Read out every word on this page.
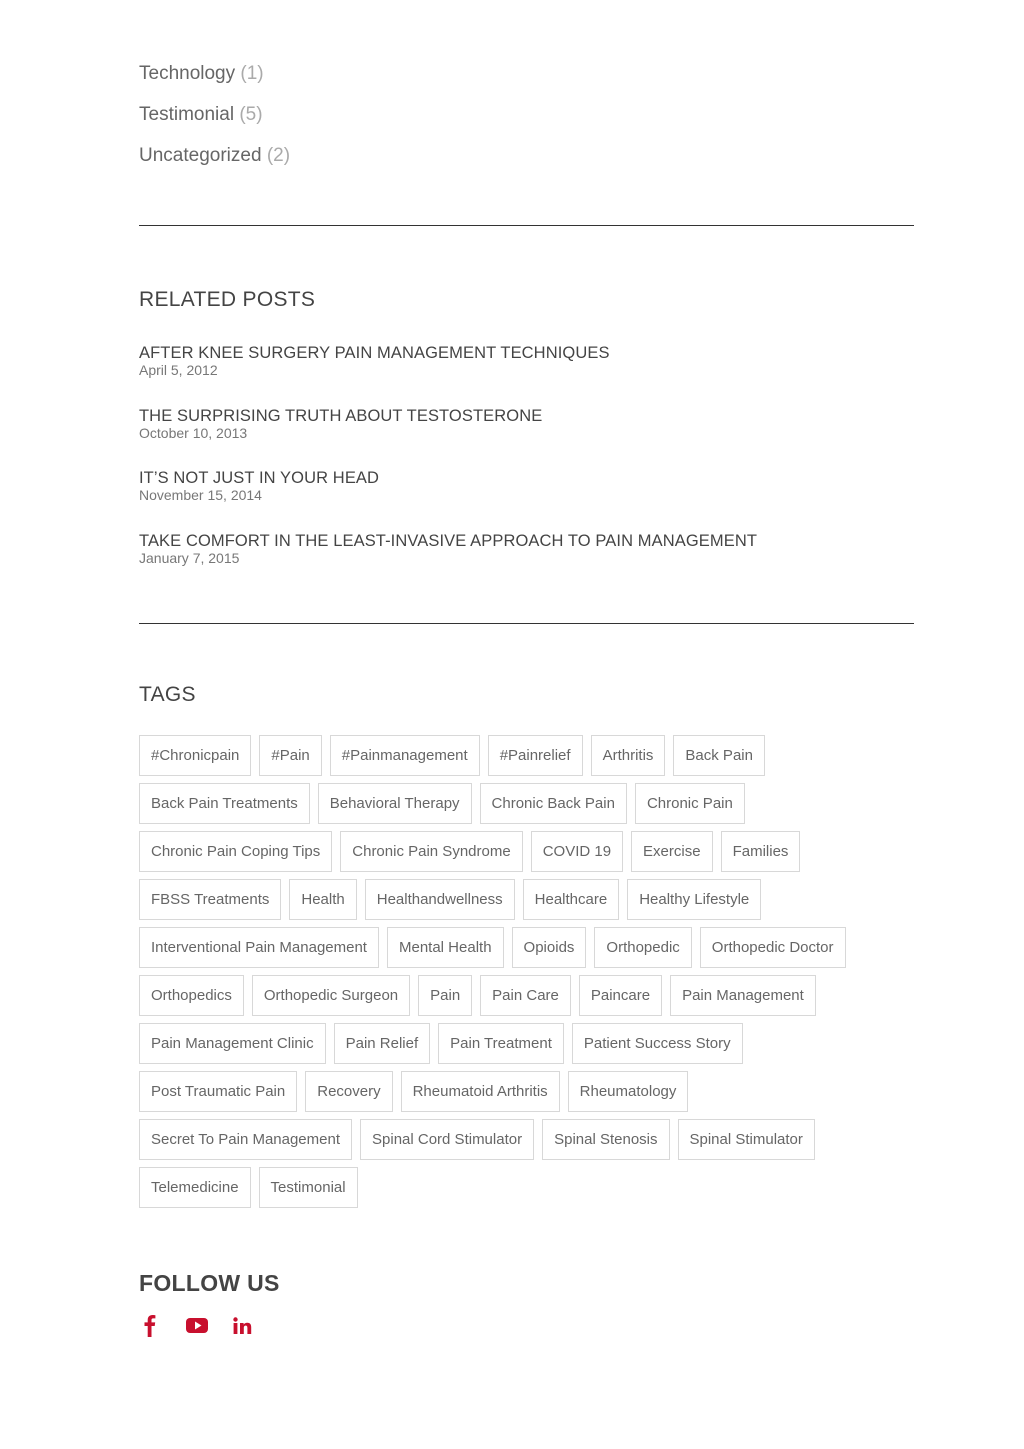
Technology (1)
Testimonial (5)
Uncategorized (2)
RELATED POSTS
AFTER KNEE SURGERY PAIN MANAGEMENT TECHNIQUES
April 5, 2012
THE SURPRISING TRUTH ABOUT TESTOSTERONE
October 10, 2013
IT’S NOT JUST IN YOUR HEAD
November 15, 2014
TAKE COMFORT IN THE LEAST-INVASIVE APPROACH TO PAIN MANAGEMENT
January 7, 2015
TAGS
#Chronicpain	#Pain	#Painmanagement	#Painrelief	Arthritis	Back Pain
Back Pain Treatments	Behavioral Therapy	Chronic Back Pain	Chronic Pain
Chronic Pain Coping Tips	Chronic Pain Syndrome	COVID 19	Exercise	Families
FBSS Treatments	Health	Healthandwellness	Healthcare	Healthy Lifestyle
Interventional Pain Management	Mental Health	Opioids	Orthopedic	Orthopedic Doctor
Orthopedics	Orthopedic Surgeon	Pain	Pain Care	Paincare	Pain Management
Pain Management Clinic	Pain Relief	Pain Treatment	Patient Success Story
Post Traumatic Pain	Recovery	Rheumatoid Arthritis	Rheumatology
Secret To Pain Management	Spinal Cord Stimulator	Spinal Stenosis	Spinal Stimulator
Telemedicine	Testimonial
FOLLOW US
